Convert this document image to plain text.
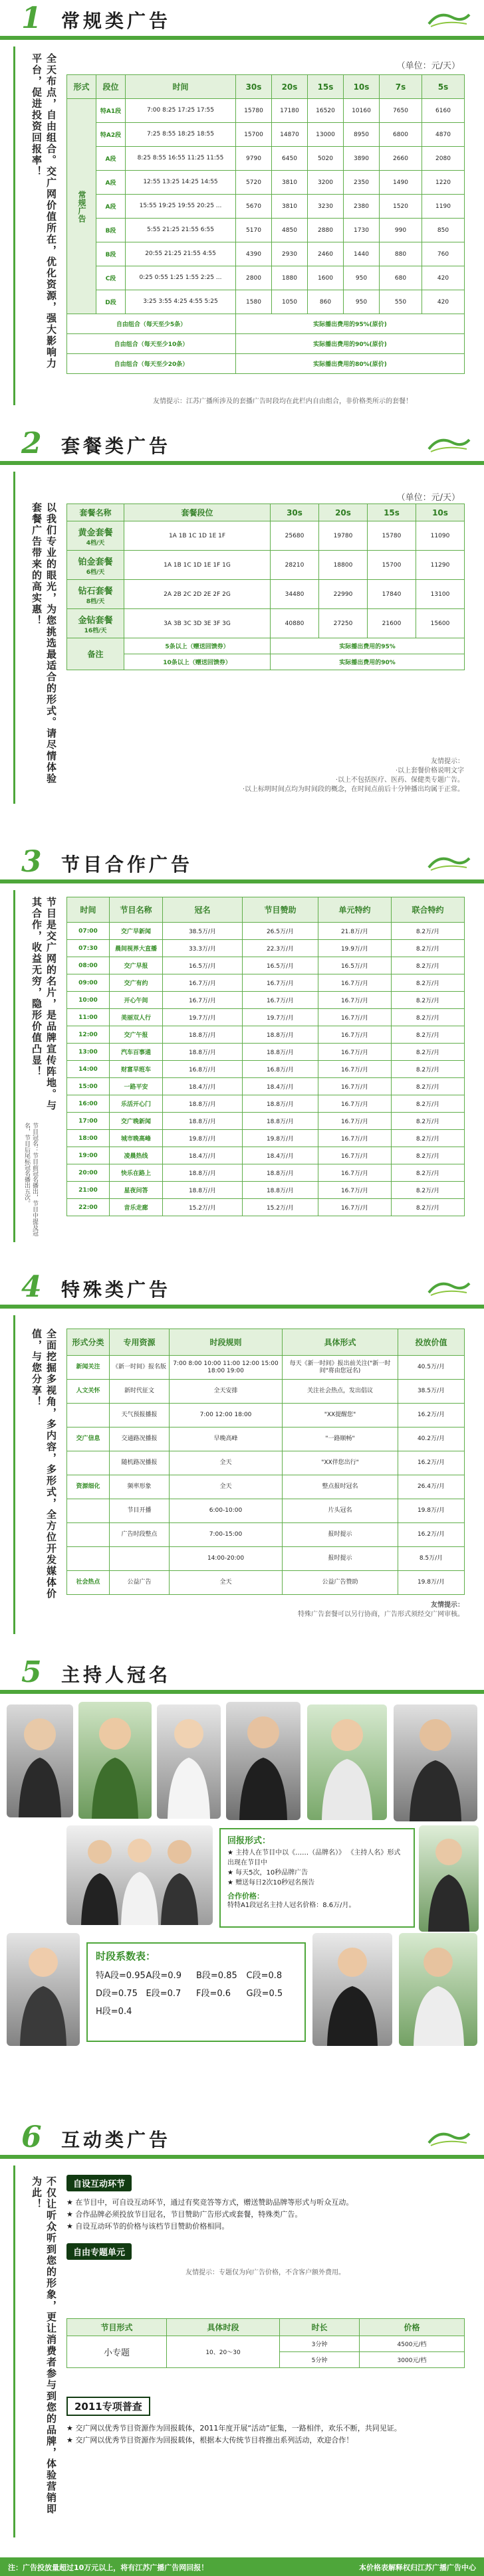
1 常规类广告
全天布点，自由组合。交广网价值所在，优化资源，强大影响力平台，促进投资回报率！	（单位：元/天）
形式	段位	时间	30s	20s	15s	10s	7s	5s
常规广告	特A1段	7:00 8:25 17:25 17:55	15780	17180	16520	10160	7650	6160
	特A2段	7:25 8:55 18:25 18:55	15700	14870	13000	8950	6800	4870
	A段	8:25 8:55 16:55 11:25 11:55	9790	6450	5020	3890	2660	2080
	A段	12:55 13:25 14:25 14:55	5720	3810	3200	2350	1490	1220
	A段	15:55 19:25 19:55 20:25 ...	5670	3810	3230	2380	1520	1190
	B段	5:55 21:25 21:55 6:55	5170	4850	2880	1730	990	850
	B段	20:55 21:25 21:55 4:55	4390	2930	2460	1440	880	760
	C段	0:25 0:55 1:25 1:55 2:25 ...	2800	1880	1600	950	680	420
	D段	3:25 3:55 4:25 4:55 5:25	1580	1050	860	950	550	420
自由组合（每天至少5条）			实际播出费用的95%(原价)					
自由组合（每天至少10条）			实际播出费用的90%(原价)					
自由组合（每天至少20条）			实际播出费用的80%(原价)					
友情提示：江苏广播所涉及的套播广告时段均在此栏内自由组合，非价格类所示的套餐！
2 套餐类广告
以我们专业的眼光，为您挑选最适合的形式。请尽情体验套餐广告带来的高实惠！
（单位：元/天）
套餐名称	套餐段位	30s	20s	15s	10s

黄金套餐
4档/天	1A 1B 1C 1D 1E 1F	25680	19780	15780	11090

铂金套餐
6档/天	1A 1B 1C 1D 1E 1F 1G	28210	18800	15700	11290

钻石套餐
8档/天	2A 2B 2C 2D 2E 2F 2G	34480	22990	17840	13100

金钻套餐
16档/天	3A 3B 3C 3D 3E 3F 3G	40880	27250	21600	15600
备注	5条以上（赠送回馈券）	实际播出费用的95%			
	10条以上（赠送回馈券）	实际播出费用的90%			
友情提示：
·以上套餐价格说明文字
·以上不包括医疗、医药、保健类专题广告。
·以上标明时间点均为时间段的概念，在时间点前后十分钟播出均属于正常。
3 节目合作广告
节目是交广网的名片，是品牌宣传阵地。与其合作，收益无穷，隐形价值凸显！
节目冠名：节目前冠名播出，节目中提及冠名，节目后尾标冠名播出五次。
时间	节目名称	冠名	节目赞助	单元特约	联合特约
07:00	交广早新闻	38.5万/月	26.5万/月	21.8万/月	8.2万/月
07:30	晨间视界大直播	33.3万/月	22.3万/月	19.9万/月	8.2万/月
08:00	交广早报	16.5万/月	16.5万/月	16.5万/月	8.2万/月
09:00	交广有约	16.7万/月	16.7万/月	16.7万/月	8.2万/月
10:00	开心午间	16.7万/月	16.7万/月	16.7万/月	8.2万/月
11:00	美丽双人行	19.7万/月	19.7万/月	16.7万/月	8.2万/月
12:00	交广午报	18.8万/月	18.8万/月	16.7万/月	8.2万/月
13:00	汽车百事通	18.8万/月	18.8万/月	16.7万/月	8.2万/月
14:00	财富早班车	16.8万/月	16.8万/月	16.7万/月	8.2万/月
15:00	一路平安	18.4万/月	18.4万/月	16.7万/月	8.2万/月
16:00	乐活开心门	18.8万/月	18.8万/月	16.7万/月	8.2万/月
17:00	交广晚新闻	18.8万/月	18.8万/月	16.7万/月	8.2万/月
18:00	城市晚高峰	19.8万/月	19.8万/月	16.7万/月	8.2万/月
19:00	凌晨热线	18.4万/月	18.4万/月	16.7万/月	8.2万/月
20:00	快乐在路上	18.8万/月	18.8万/月	16.7万/月	8.2万/月
21:00	星夜问答	18.8万/月	18.8万/月	16.7万/月	8.2万/月
22:00	音乐走廊	15.2万/月	15.2万/月	16.7万/月	8.2万/月
4 特殊类广告
全面挖掘多视角，多内容，多形式，全方位开发媒体价值，与您分享！	形式分类	专用资源	时段规则	具体形式	投放价值
新闻关注	《新一时间》报名版	7:00 8:00 10:00 11:00 12:00 15:00 18:00 19:00	每天《新一时间》报出前关注("新一时间"将由您冠名)	40.5万/月
人文关怀	新时代征文	全天安排	关注社会热点，发出倡议	38.5万/月
	天气预报播报	7:00 12:00 18:00	"XX提醒您"	16.2万/月
交广信息	交通路况播报	早晚高峰	"一路顺畅"	40.2万/月
	随机路况播报	全天	"XX伴您出行"	16.2万/月
资源细化	频率形象	全天	整点报时冠名	26.4万/月
	节目开播	6:00-10:00	片头冠名	19.8万/月
	广告时段整点	7:00-15:00	报时提示	16.2万/月
		14:00-20:00	报时提示	8.5万/月
社会热点	公益广告	全天	公益广告赞助	19.8万/月
友情提示：
特殊广告套餐可以另行协商，广告形式须经交广网审核。
5 主持人冠名
回报形式：
★ 主持人在节目中以《……（品牌名）》 《主持人名》形式出现在节目中
★ 每天5次，10秒品牌广告
★ 赠送每日2次10秒冠名预告
合作价格：
特特A1段冠名主持人冠名价格：8.6万/月。
时段系数表：
特A段=0.95 A段=0.9	B段=0.85	C段=0.8
D段=0.75 E段=0.7	F段=0.6	G段=0.5
H段=0.4
6 互动类广告
不仅让听众听到您的形象，更让消费者参与到您的品牌，体验营销即为此！	自设互动环节
★ 在节目中，可自设互动环节，通过有奖竞答等方式，赠送赞助品牌等形式与听众互动。
★ 合作品牌必须投放节目冠名，节目赞助广告形式或套餐，特殊类广告。
★ 自设互动环节的价格与该档节目赞助价格相同。
自由专题单元
友情提示：专题仅为向广告价格，不含客户额外费用。
节目形式	具体时段	时长	价格
小专题	10、20～30	3分钟	4500元/档
		5分钟	3000元/档
2011专项普查
★ 交广网以优秀节目资源作为回报载体，2011年度开展“活动”征集，一路相伴，欢乐不断，共同见证。
★ 交广网以优秀节目资源作为回报载体，根据本大传统节目将推出系列活动，欢迎合作！
注：广告投放量超过10万元以上，将有江苏广播广告网回报！	本价格表解释权归江苏广播广告中心
